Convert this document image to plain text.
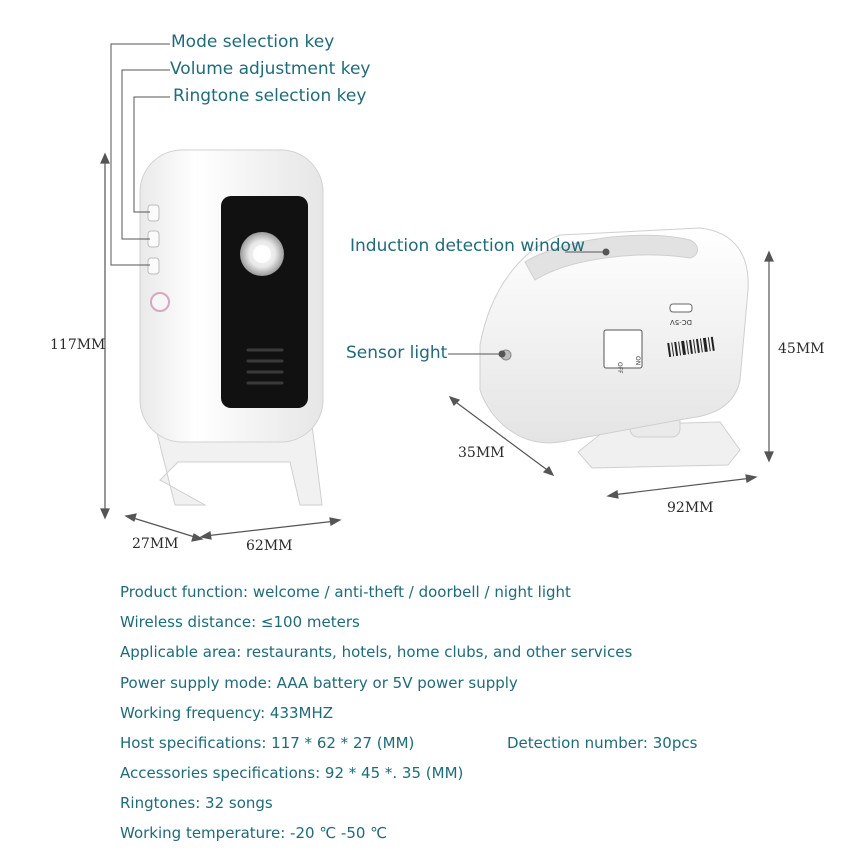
DC-5V
ON
OFF
Mode selection key
Volume adjustment key
Ringtone selection key
Induction detection window
Sensor light
117MM
27MM	62MM
35MM
45MM
92MM
Product function: welcome / anti-theft / doorbell / night light
Wireless distance: ≤100 meters
Applicable area: restaurants, hotels, home clubs, and other services
Power supply mode: AAA battery or 5V power supply
Working frequency: 433MHZ
Host specifications: 117 * 62 * 27 (MM)	Detection number: 30pcs
Accessories specifications: 92 * 45 *. 35 (MM)
Ringtones: 32 songs
Working temperature: -20 ℃ -50 ℃
